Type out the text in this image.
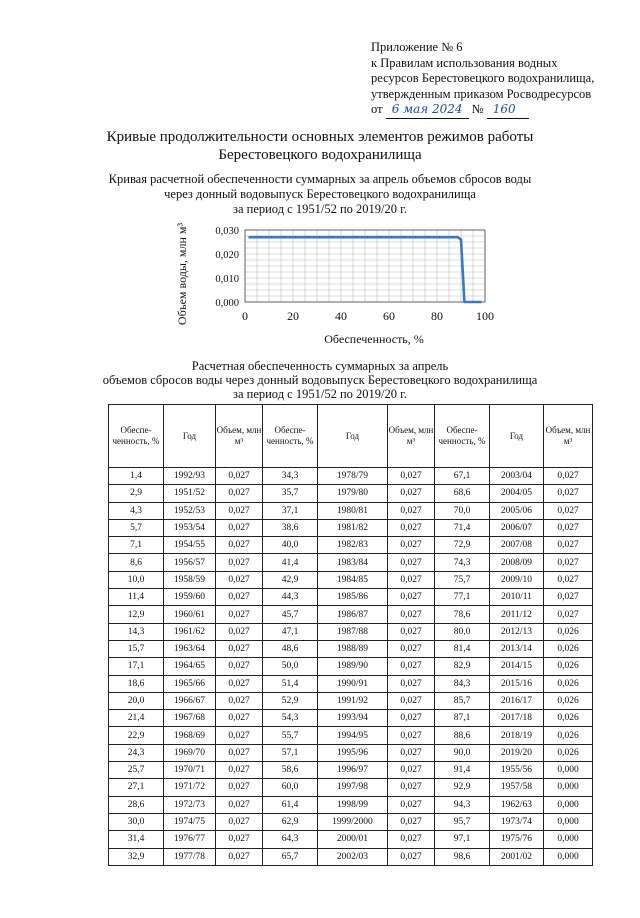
Приложение № 6
к Правилам использования водных
ресурсов Берестовецкого водохранилища,
утвержденным приказом Росводресурсов
от 6 мая 2024 № 160
Кривые продолжительности основных элементов режимов работы
Берестовецкого водохранилища
Кривая расчетной обеспеченности суммарных за апрель объемов сбросов воды
через донный водовыпуск Берестовецкого водохранилища
за период с 1951/52 по 2019/20 г.
0	20	40	60	80	100
0,000
0,010
0,020
0,030
Объем воды, млн м³
Обеспеченность, %
Расчетная обеспеченность суммарных за апрель
объемов сбросов воды через донный водовыпуск Берестовецкого водохранилища
за период с 1951/52 по 2019/20 г.
Обеспе-ченность, %	Год	Объем, млн м³	Обеспе-ченность, %	Год	Объем, млн м³	Обеспе-ченность, %	Год	Объем, млн м³
1,4	1992/93	0,027	34,3	1978/79	0,027	67,1	2003/04	0,027
2,9	1951/52	0,027	35,7	1979/80	0,027	68,6	2004/05	0,027
4,3	1952/53	0,027	37,1	1980/81	0,027	70,0	2005/06	0,027
5,7	1953/54	0,027	38,6	1981/82	0,027	71,4	2006/07	0,027
7,1	1954/55	0,027	40,0	1982/83	0,027	72,9	2007/08	0,027
8,6	1956/57	0,027	41,4	1983/84	0,027	74,3	2008/09	0,027
10,0	1958/59	0,027	42,9	1984/85	0,027	75,7	2009/10	0,027
11,4	1959/60	0,027	44,3	1985/86	0,027	77,1	2010/11	0,027
12,9	1960/61	0,027	45,7	1986/87	0,027	78,6	2011/12	0,027
14,3	1961/62	0,027	47,1	1987/88	0,027	80,0	2012/13	0,026
15,7	1963/64	0,027	48,6	1988/89	0,027	81,4	2013/14	0,026
17,1	1964/65	0,027	50,0	1989/90	0,027	82,9	2014/15	0,026
18,6	1965/66	0,027	51,4	1990/91	0,027	84,3	2015/16	0,026
20,0	1966/67	0,027	52,9	1991/92	0,027	85,7	2016/17	0,026
21,4	1967/68	0,027	54,3	1993/94	0,027	87,1	2017/18	0,026
22,9	1968/69	0,027	55,7	1994/95	0,027	88,6	2018/19	0,026
24,3	1969/70	0,027	57,1	1995/96	0,027	90,0	2019/20	0,026
25,7	1970/71	0,027	58,6	1996/97	0,027	91,4	1955/56	0,000
27,1	1971/72	0,027	60,0	1997/98	0,027	92,9	1957/58	0,000
28,6	1972/73	0,027	61,4	1998/99	0,027	94,3	1962/63	0,000
30,0	1974/75	0,027	62,9	1999/2000	0,027	95,7	1973/74	0,000
31,4	1976/77	0,027	64,3	2000/01	0,027	97,1	1975/76	0,000
32,9	1977/78	0,027	65,7	2002/03	0,027	98,6	2001/02	0,000
